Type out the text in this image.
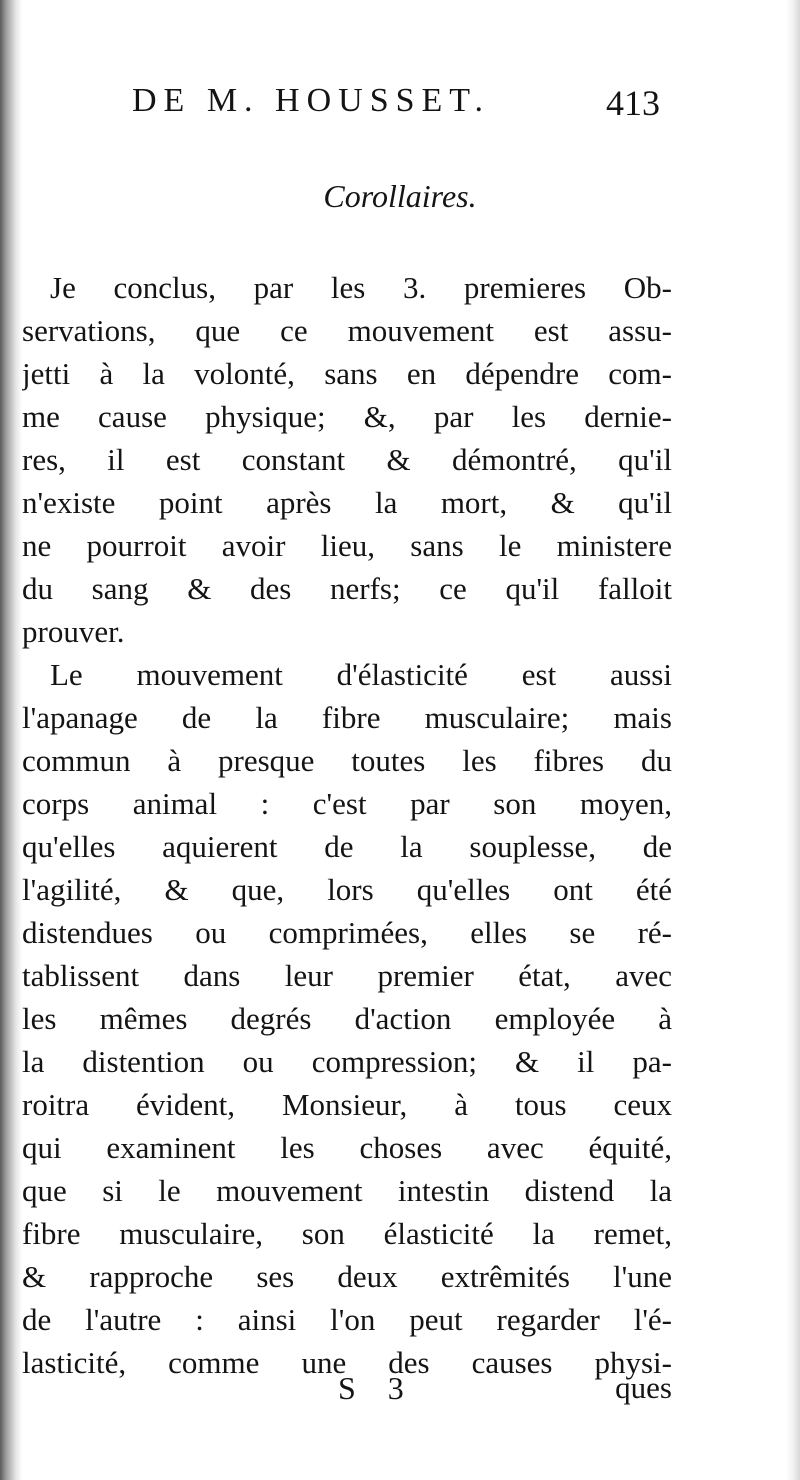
DE M. HOUSSET.	413
Corollaires.
Je conclus, par les 3. premieres Ob-
servations, que ce mouvement est assu-
jetti à la volonté, sans en dépendre com-
me cause physique; &, par les dernie-
res, il est constant & démontré, qu'il
n'existe point après la mort, & qu'il
ne pourroit avoir lieu, sans le ministere
du sang & des nerfs; ce qu'il falloit
prouver.
Le mouvement d'élasticité est aussi
l'apanage de la fibre musculaire; mais
commun à presque toutes les fibres du
corps animal : c'est par son moyen,
qu'elles aquierent de la souplesse, de
l'agilité, & que, lors qu'elles ont été
distendues ou comprimées, elles se ré-
tablissent dans leur premier état, avec
les mêmes degrés d'action employée à
la distention ou compression; & il pa-
roitra évident, Monsieur, à tous ceux
qui examinent les choses avec équité,
que si le mouvement intestin distend la
fibre musculaire, son élasticité la remet,
& rapproche ses deux extrêmités l'une
de l'autre : ainsi l'on peut regarder l'é-
lasticité, comme une des causes physi-
S 3	ques
